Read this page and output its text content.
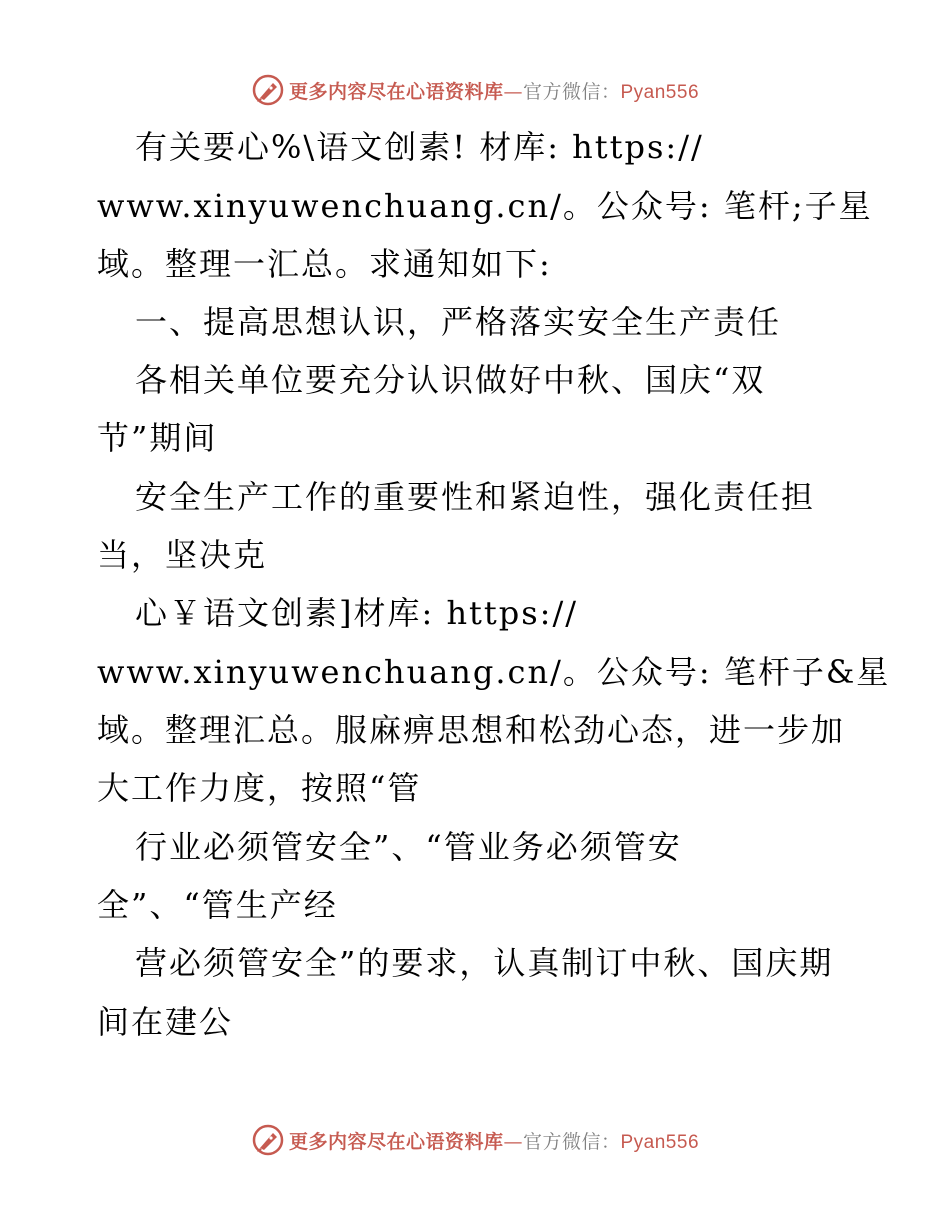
更多内容尽在心语资料库—官方微信：Pyan556
有关要心%\语文创素! 材库: https://
www.xinyuwenchuang.cn/。公众号: 笔杆;子星
域。整理一汇总。求通知如下:
一、提高思想认识，严格落实安全生产责任
各相关单位要充分认识做好中秋、国庆“双
节”期间
安全生产工作的重要性和紧迫性，强化责任担
当，坚决克
心￥语文创素]材库: https://
www.xinyuwenchuang.cn/。公众号: 笔杆子&星
域。整理汇总。服麻痹思想和松劲心态，进一步加
大工作力度，按照“管
行业必须管安全”、“管业务必须管安
全”、“管生产经
营必须管安全”的要求，认真制订中秋、国庆期
间在建公
更多内容尽在心语资料库—官方微信：Pyan556
